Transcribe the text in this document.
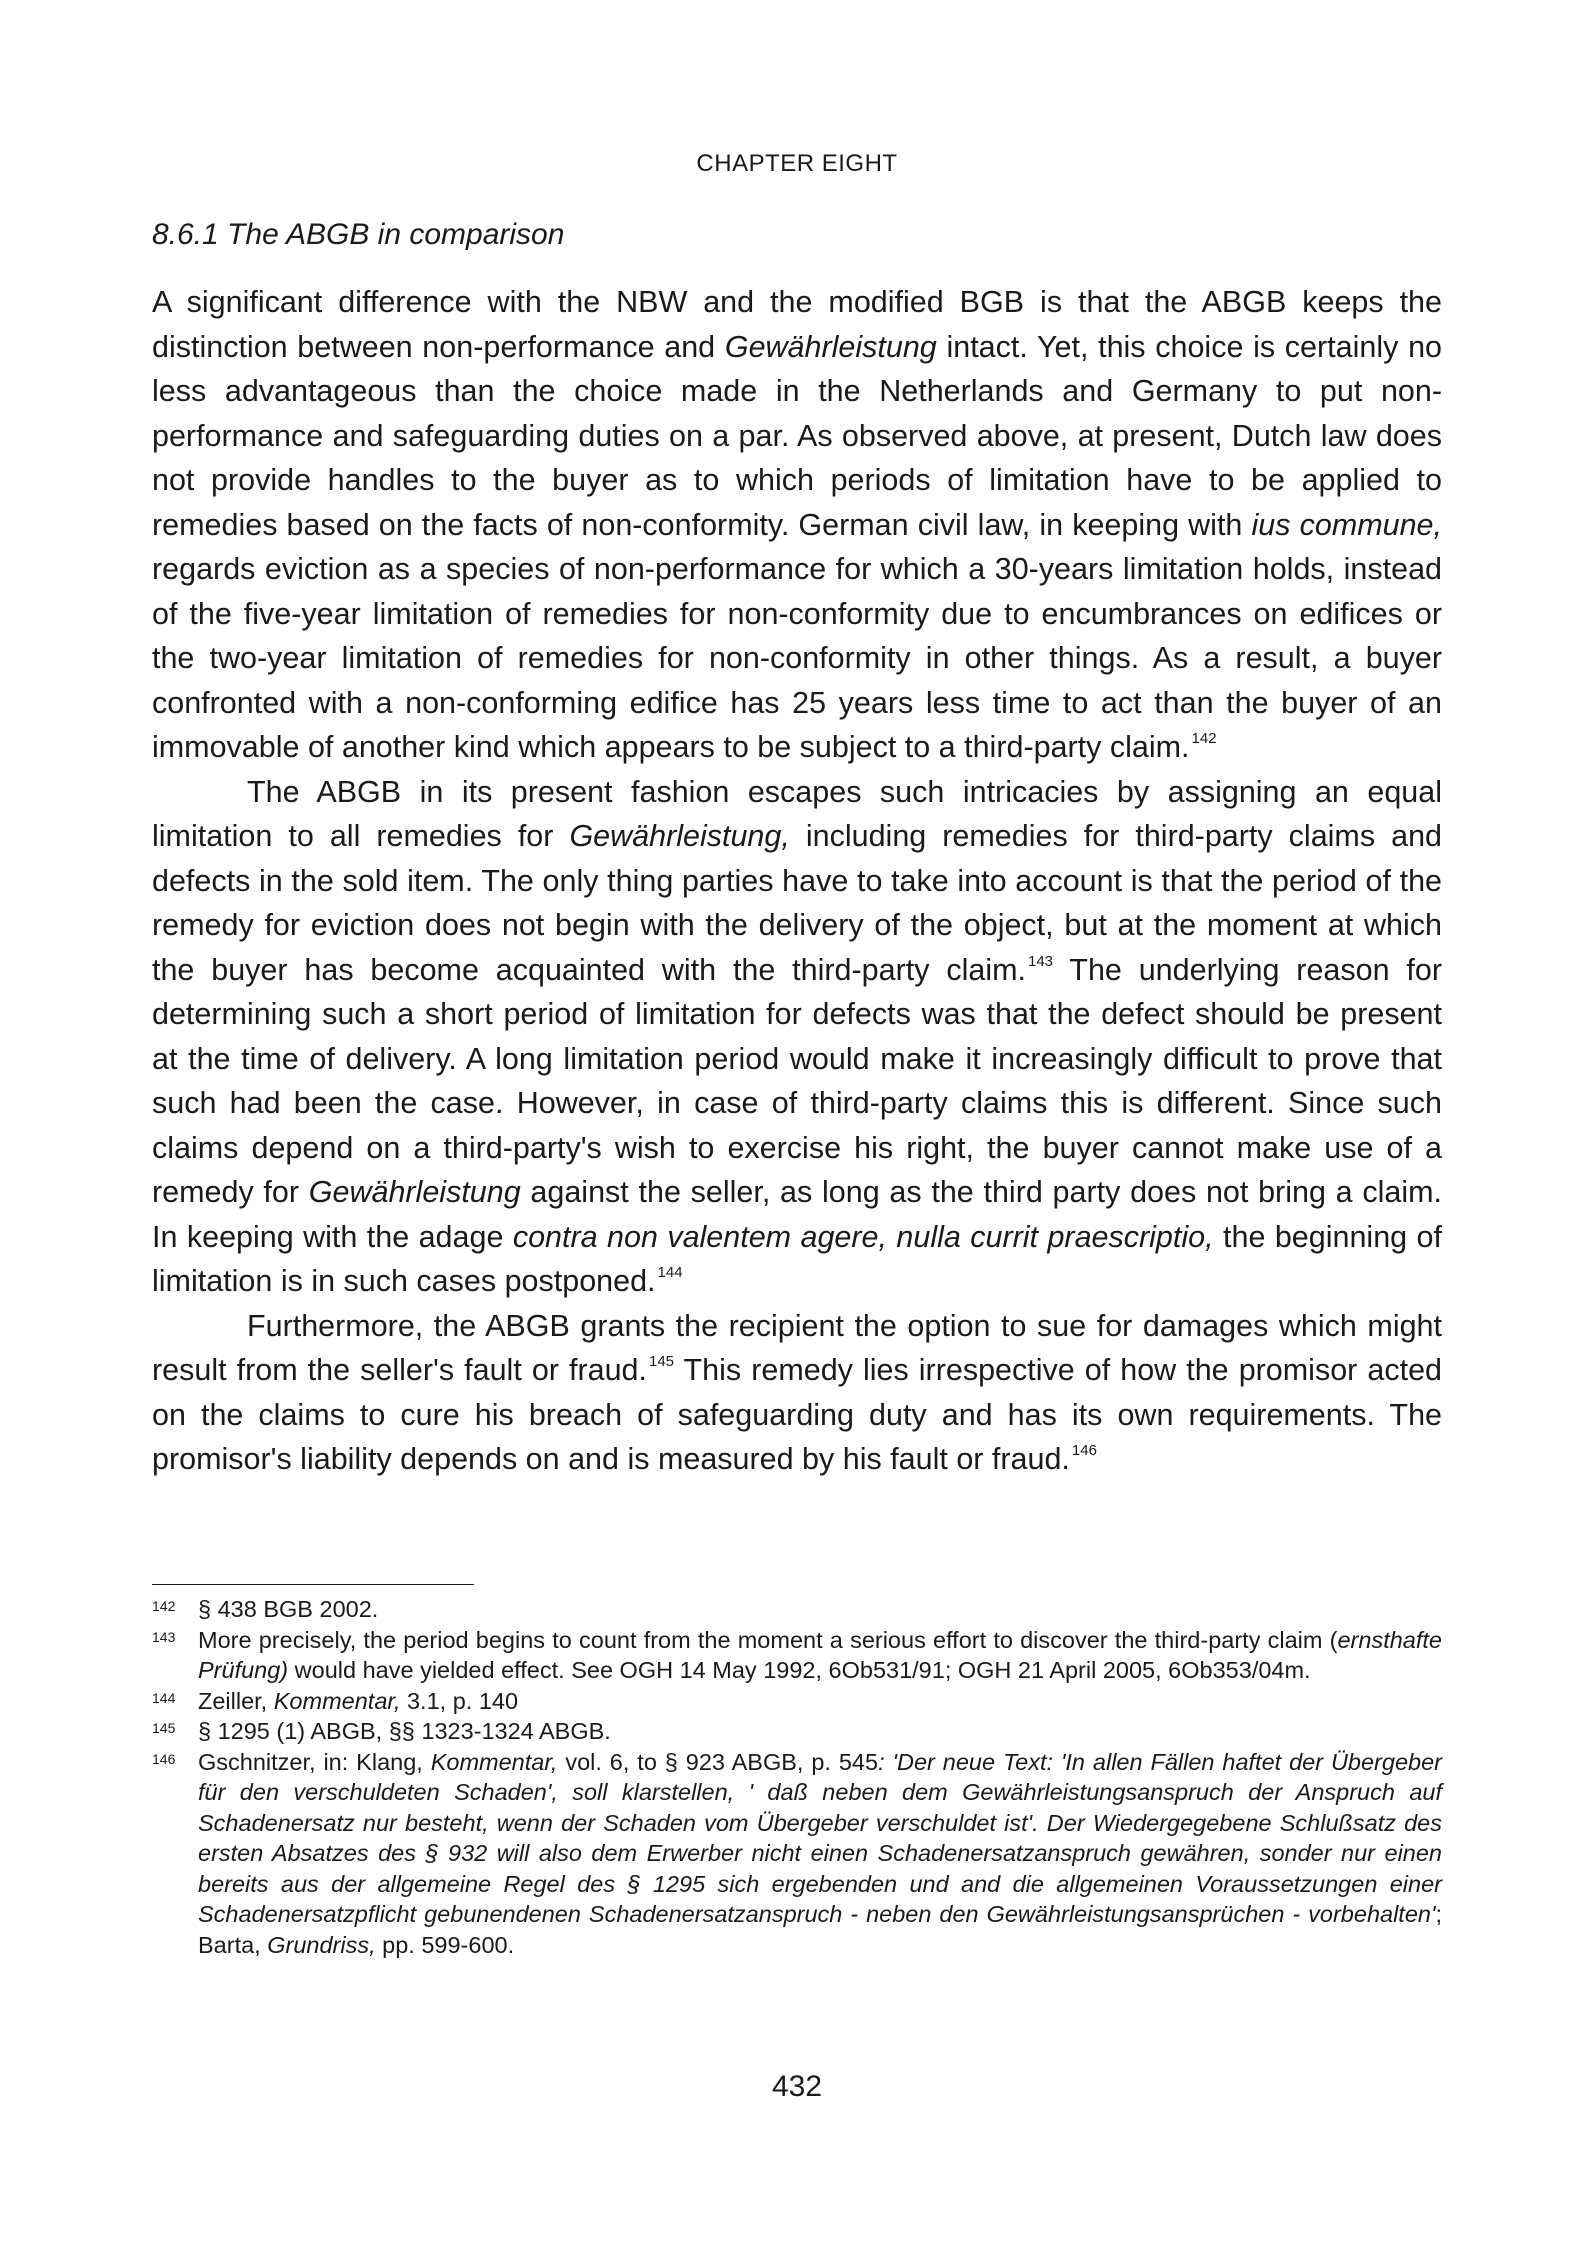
CHAPTER EIGHT
8.6.1 The ABGB in comparison

A significant difference with the NBW and the modified BGB is that the ABGB keeps the distinction between non-performance and Gewährleistung intact. Yet, this choice is certainly no less advantageous than the choice made in the Netherlands and Germany to put non-performance and safeguarding duties on a par. As observed above, at present, Dutch law does not provide handles to the buyer as to which periods of limitation have to be applied to remedies based on the facts of non-conformity. German civil law, in keeping with ius commune, regards eviction as a species of non-performance for which a 30-years limitation holds, instead of the five-year limitation of remedies for non-conformity due to encumbrances on edifices or the two-year limitation of remedies for non-conformity in other things. As a result, a buyer confronted with a non-conforming edifice has 25 years less time to act than the buyer of an immovable of another kind which appears to be subject to a third-party claim. $^{142}$

The ABGB in its present fashion escapes such intricacies by assigning an equal limitation to all remedies for Gewährleistung, including remedies for third-party claims and defects in the sold item. The only thing parties have to take into account is that the period of the remedy for eviction does not begin with the delivery of the object, but at the moment at which the buyer has become acquainted with the third-party claim. $^{143}$ The underlying reason for determining such a short period of limitation for defects was that the defect should be present at the time of delivery. A long limitation period would make it increasingly difficult to prove that such had been the case. However, in case of third-party claims this is different. Since such claims depend on a third-party's wish to exercise his right, the buyer cannot make use of a remedy for Gewährleistung against the seller, as long as the third party does not bring a claim. In keeping with the adage contra non valentem agere, nulla currit praescriptio, the beginning of limitation is in such cases postponed. $^{144}$

Furthermore, the ABGB grants the recipient the option to sue for damages which might result from the seller's fault or fraud. $^{145}$ This remedy lies irrespective of how the promisor acted on the claims to cure his breach of safeguarding duty and has its own requirements. The promisor's liability depends on and is measured by his fault or fraud. $^{146}$

142 § 438 BGB 2002.
143 More precisely, the period begins to count from the moment a serious effort to discover the third-party claim (ernsthafte Prüfung) would have yielded effect. See OGH 14 May 1992, 6Ob531/91; OGH 21 April 2005, 6Ob353/04m.
144 Zeiller, Kommentar, 3.1, p. 140
145 § 1295 (1) ABGB, §§ 1323-1324 ABGB.
146 Gschnitzer, in: Klang, Kommentar, vol. 6, to § 923 ABGB, p. 545: 'Der neue Text: 'In allen Fällen haftet der Übergeber für den verschuldeten Schaden', soll klarstellen, ' daß neben dem Gewährleistungsanspruch der Anspruch auf Schadenersatz nur besteht, wenn der Schaden vom Übergeber verschuldet ist'. Der Wiedergegebene Schlußsatz des ersten Absatzes des § 932 will also dem Erwerber nicht einen Schadenersatzanspruch gewähren, sonder nur einen bereits aus der allgemeine Regel des § 1295 sich ergebenden und and die allgemeinen Voraussetzungen einer Schadenersatzpflicht gebunendenen Schadenersatzanspruch - neben den Gewährleistungsansprüchen - vorbehalten'; Barta, Grundriss, pp. 599-600.
432
